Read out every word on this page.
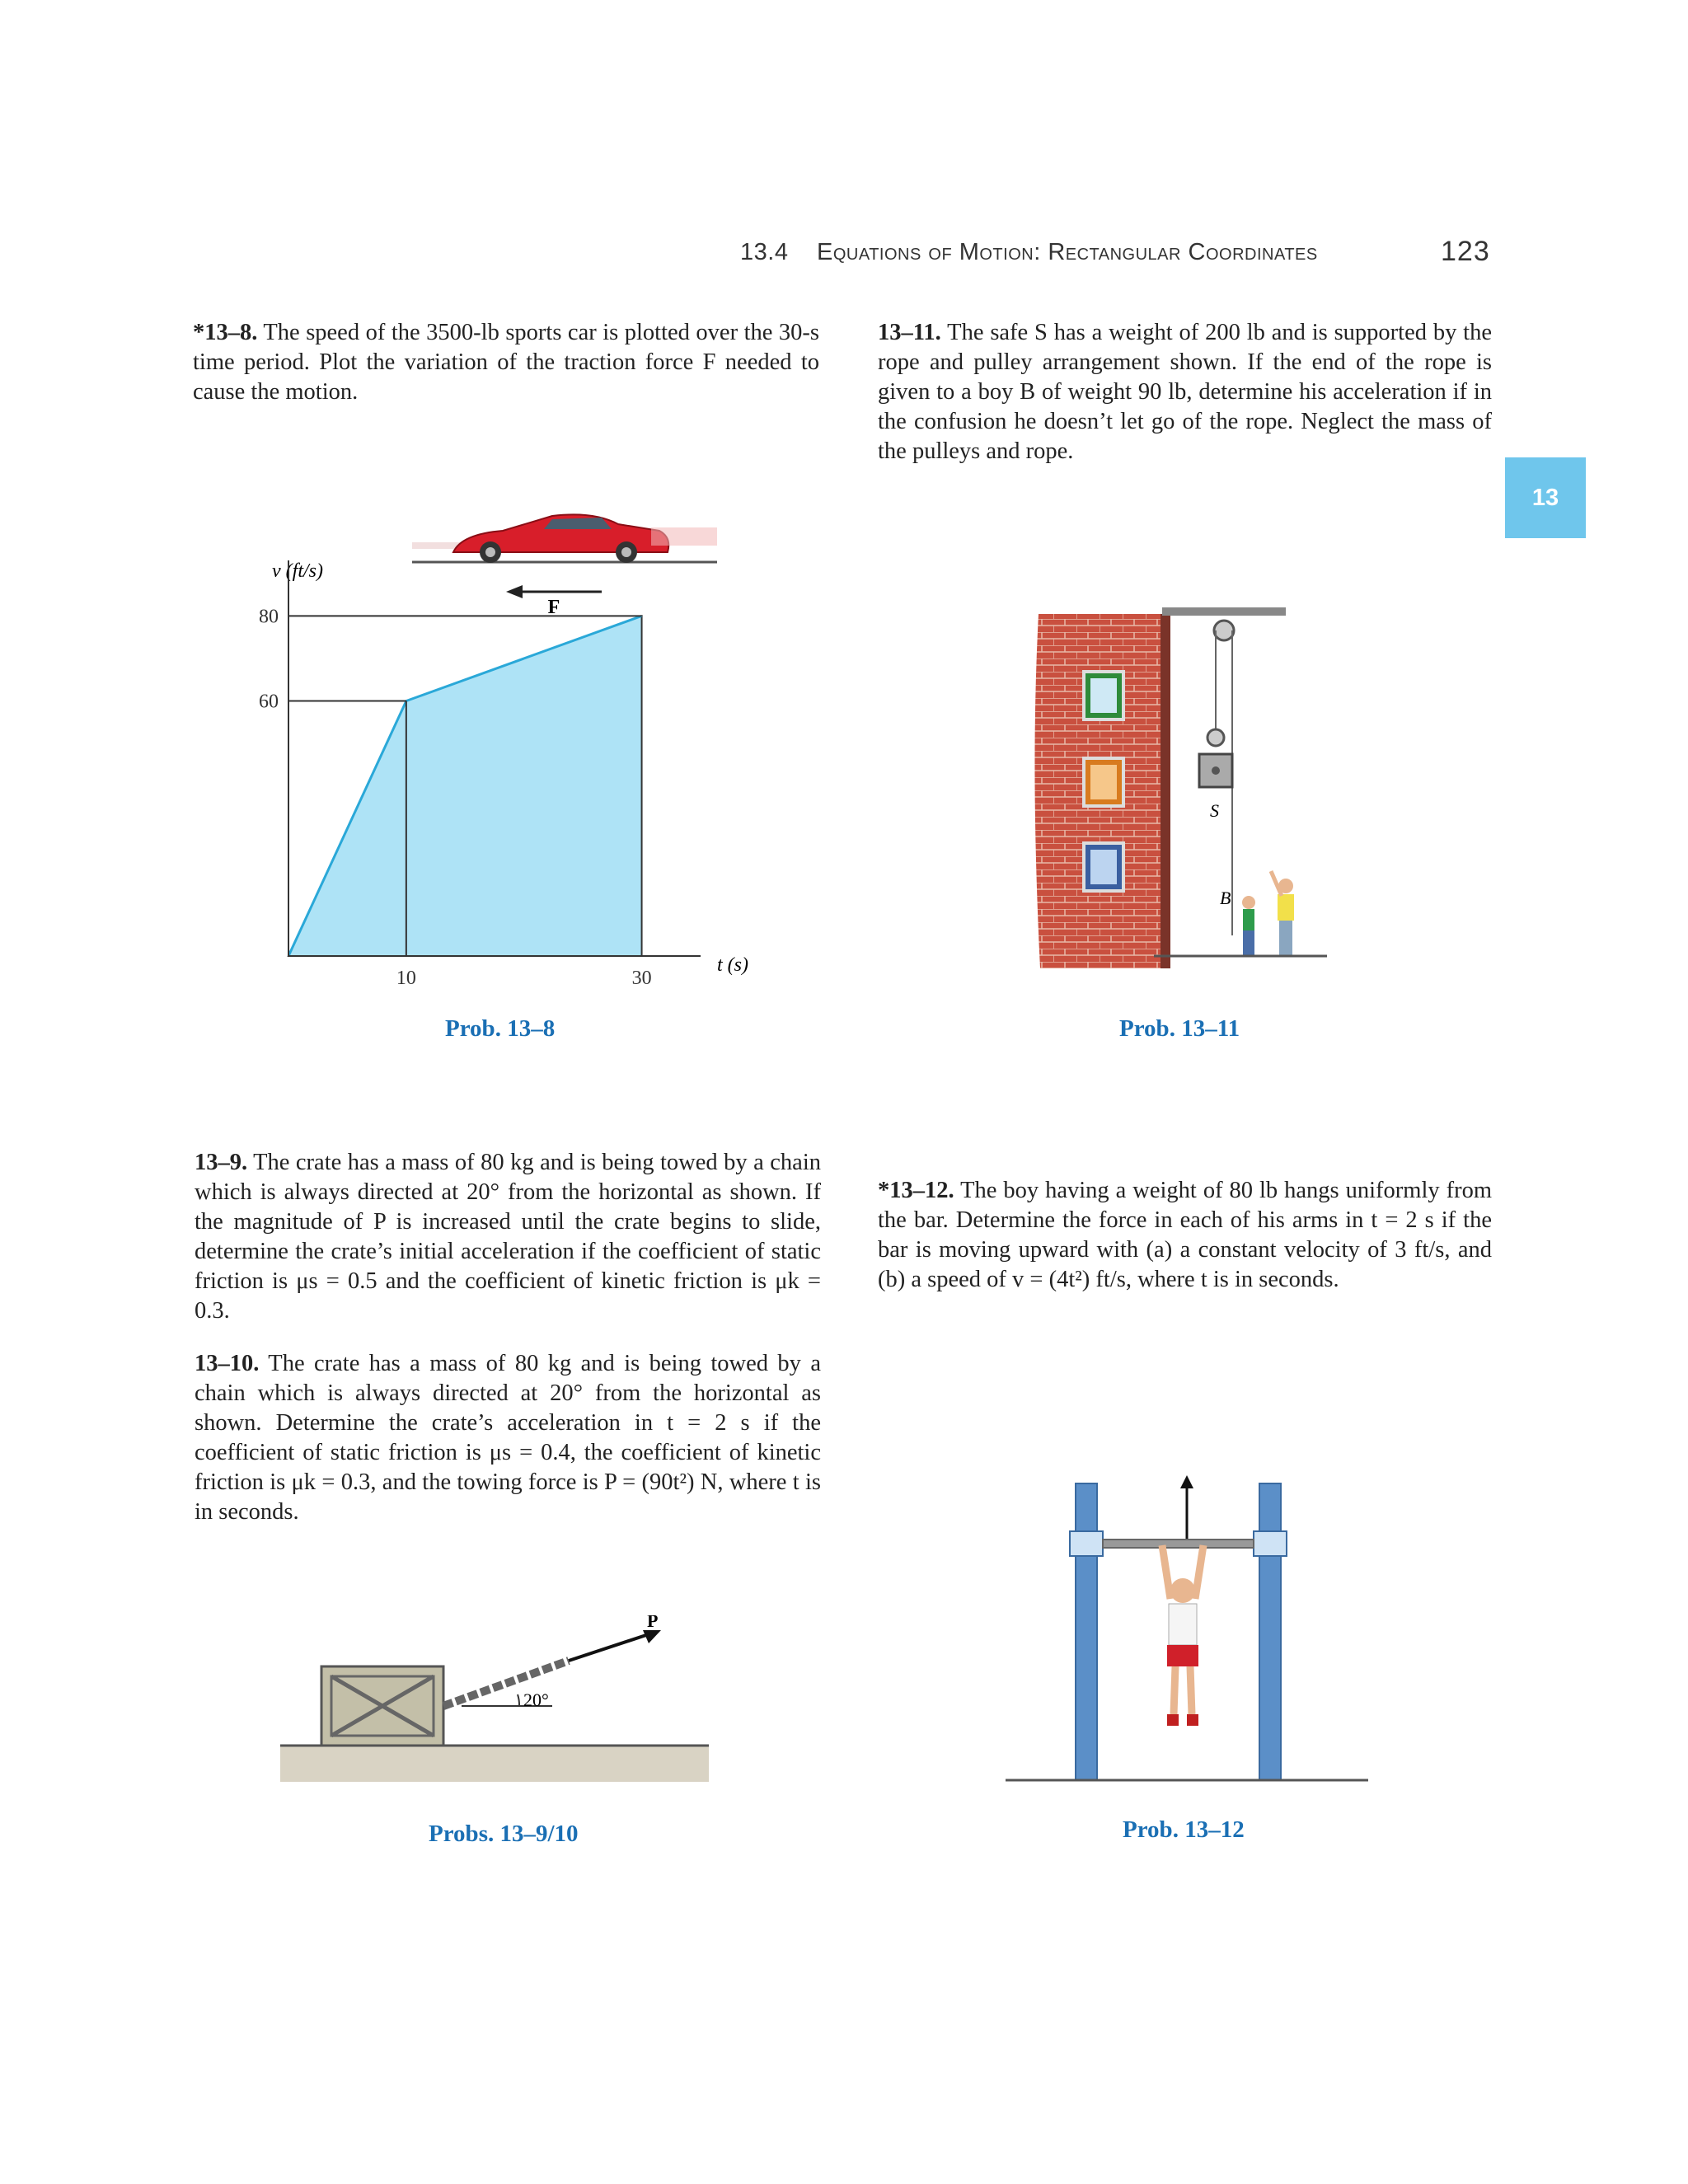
13.4 Equations of Motion: Rectangular Coordinates	123
13
*13–8. The speed of the 3500-lb sports car is plotted over the 30-s time period. Plot the variation of the traction force F needed to cause the motion.
13–11. The safe S has a weight of 200 lb and is supported by the rope and pulley arrangement shown. If the end of the rope is given to a boy B of weight 90 lb, determine his acceleration if in the confusion he doesn’t let go of the rope. Neglect the mass of the pulleys and rope.
F
v (ft/s)
60
80
10	30
t (s)
Prob. 13–8
S
B
Prob. 13–11
13–9. The crate has a mass of 80 kg and is being towed by a chain which is always directed at 20° from the horizontal as shown. If the magnitude of P is increased until the crate begins to slide, determine the crate’s initial acceleration if the coefficient of static friction is μs = 0.5 and the coefficient of kinetic friction is μk = 0.3.
*13–12. The boy having a weight of 80 lb hangs uniformly from the bar. Determine the force in each of his arms in t = 2 s if the bar is moving upward with (a) a constant velocity of 3 ft/s, and (b) a speed of v = (4t²) ft/s, where t is in seconds.
13–10. The crate has a mass of 80 kg and is being towed by a chain which is always directed at 20° from the horizontal as shown. Determine the crate’s acceleration in t = 2 s if the coefficient of static friction is μs = 0.4, the coefficient of kinetic friction is μk = 0.3, and the towing force is P = (90t²) N, where t is in seconds.
P
20°
Probs. 13–9/10	Prob. 13–12
